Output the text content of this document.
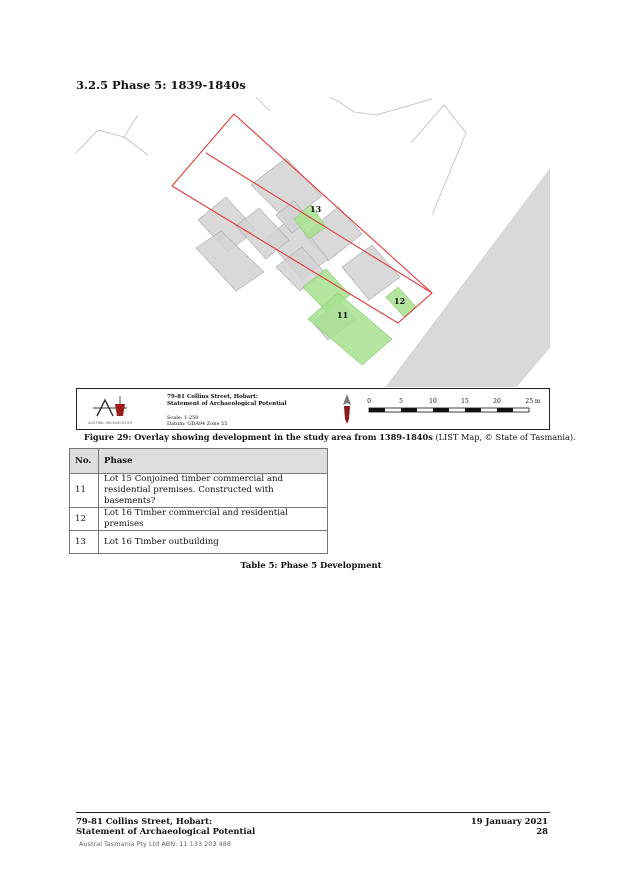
3.2.5 Phase 5: 1839-1840s
13
12
11
AUSTRAL ARCHAEOLOGY
79-81 Collins Street, Hobart:
Statement of Archaeological Potential
Scale: 1:250
Datum: GDA94 Zone 55
0	5	10	15	20	25 m
Figure 29: Overlay showing development in the study area from 1389-1840s (LIST Map, © State of Tasmania).
No.	Phase
11	Lot 15 Conjoined timber commercial and residential premises. Constructed with basements?
12	Lot 16 Timber commercial and residential premises
13	Lot 16 Timber outbuilding
Table 5: Phase 5 Development
79-81 Collins Street, Hobart:
Statement of Archaeological Potential
19 January 2021
28
Austral Tasmania Pty Ltd ABN: 11 133 203 488
